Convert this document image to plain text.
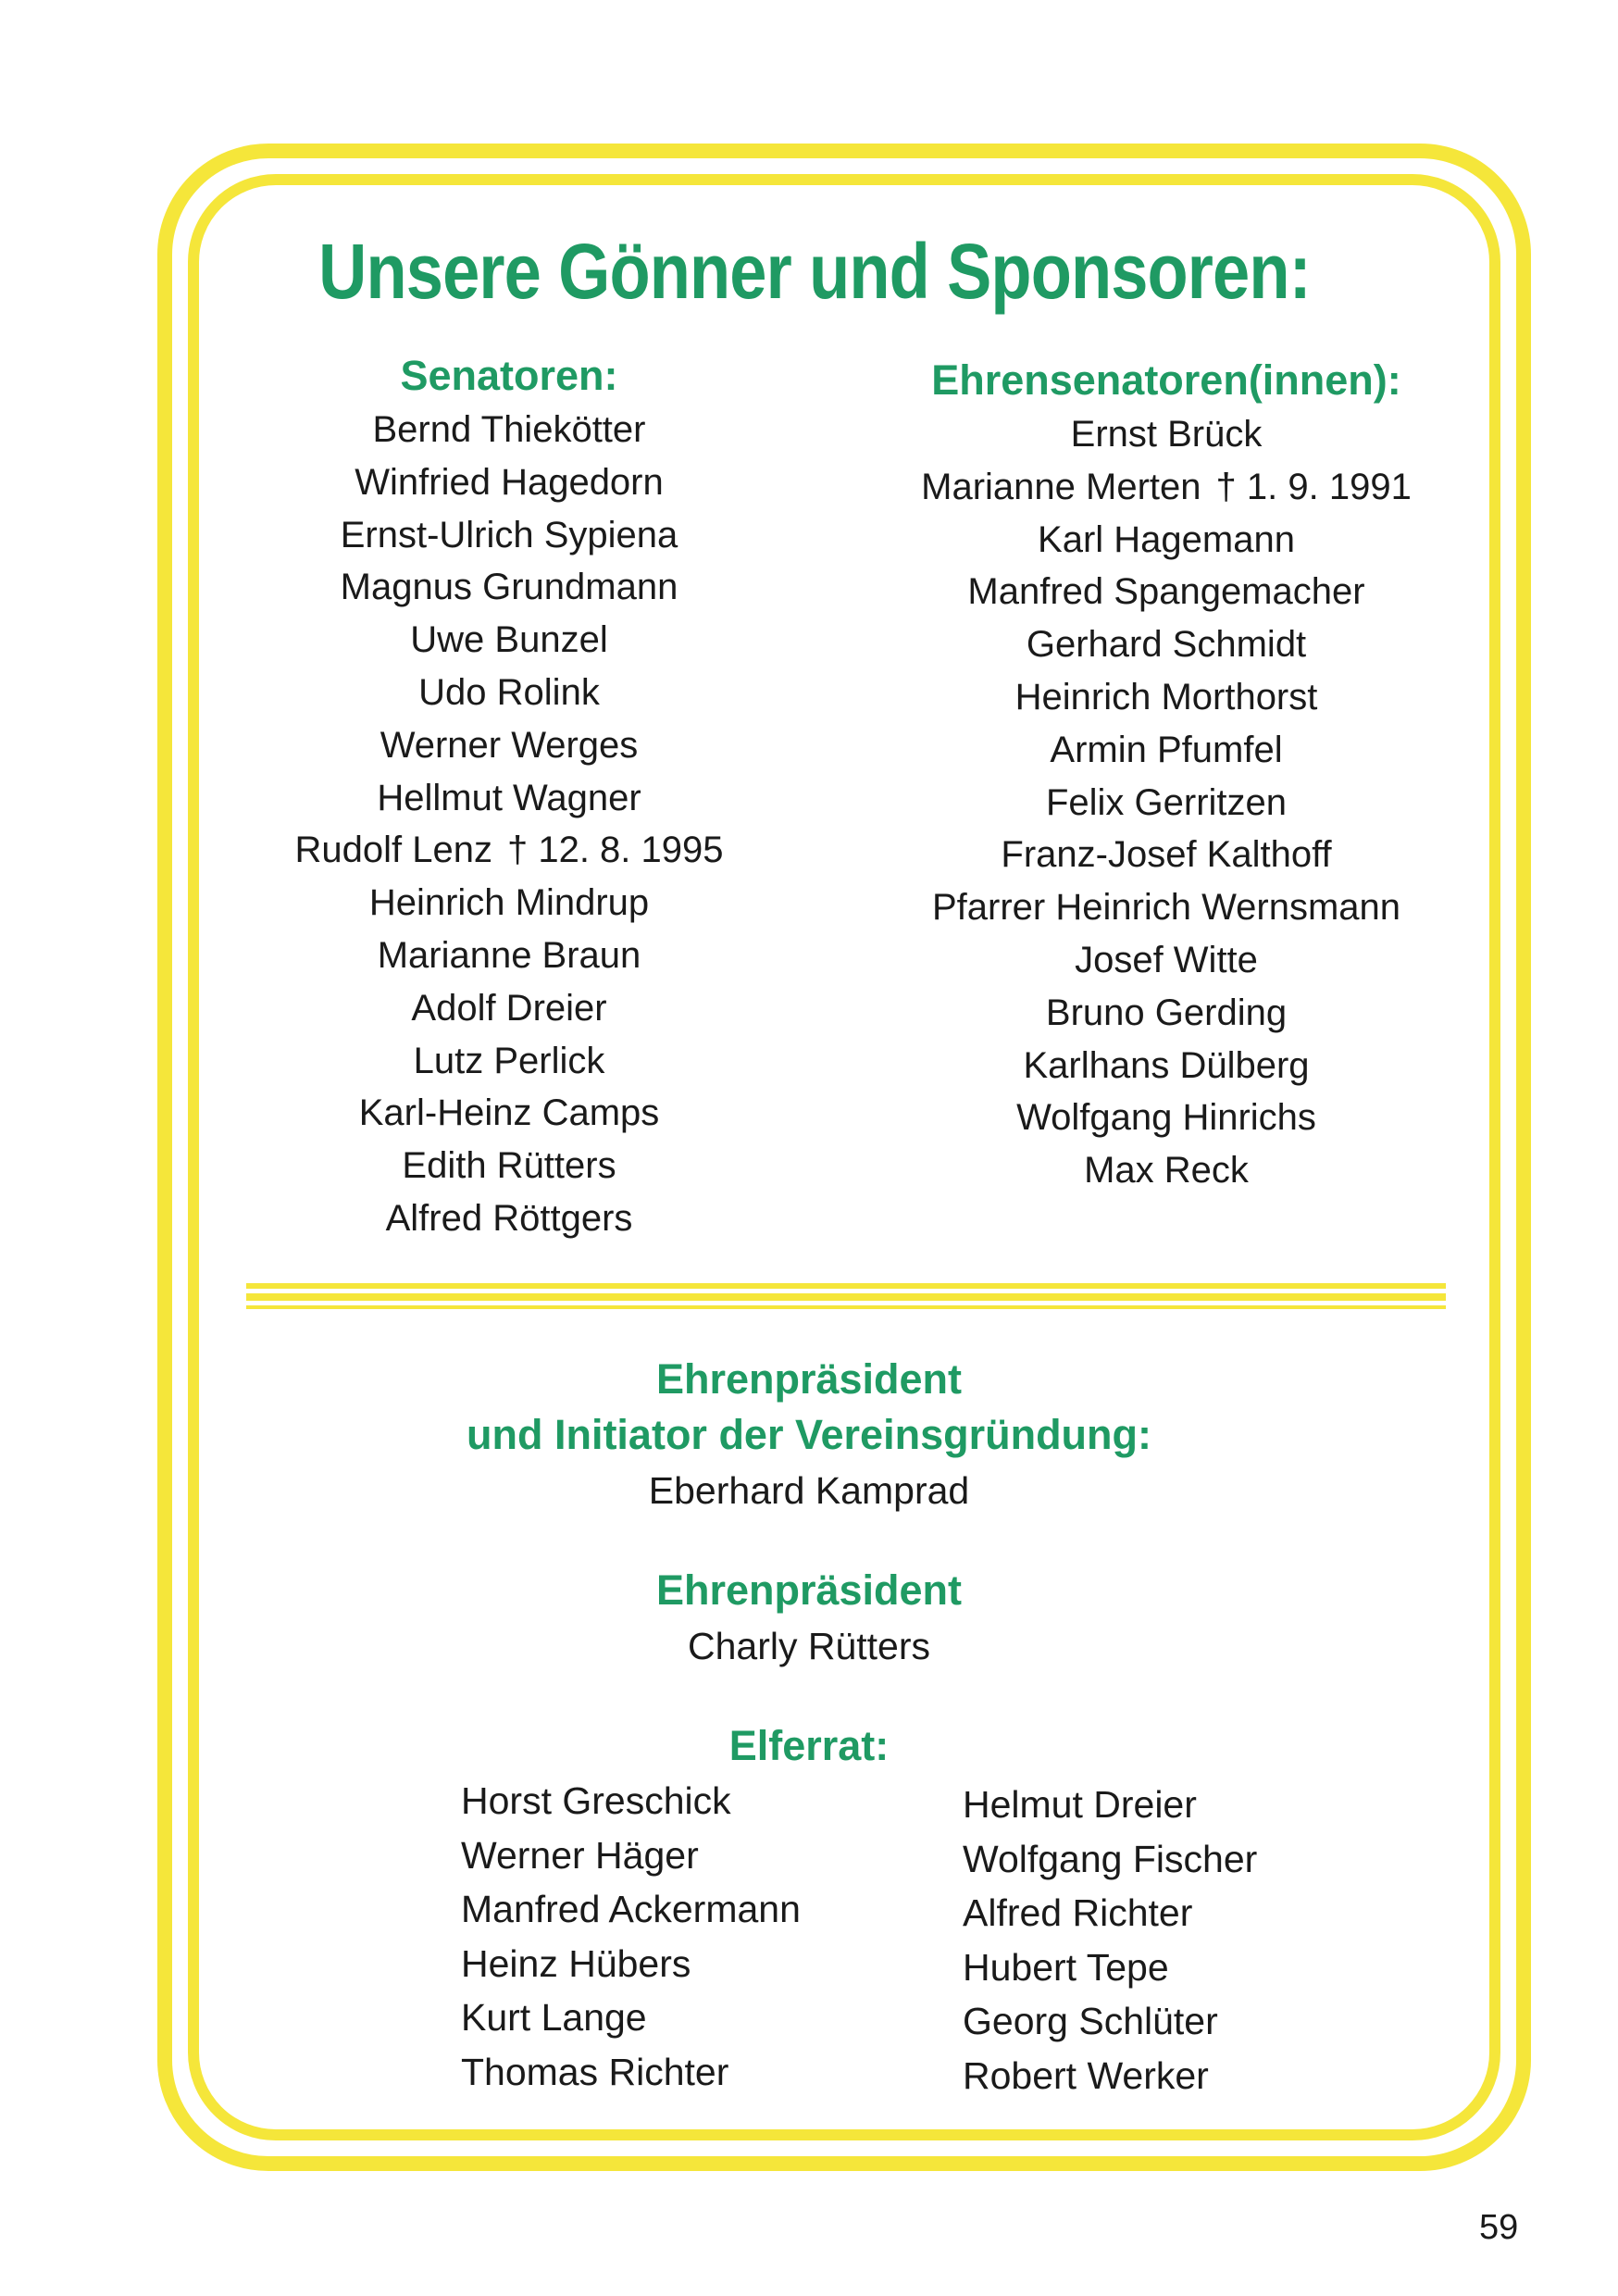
Unsere Gönner und Sponsoren:
Senatoren:
Bernd Thiekötter
Winfried Hagedorn
Ernst-Ulrich Sypiena
Magnus Grundmann
Uwe Bunzel
Udo Rolink
Werner Werges
Hellmut Wagner
Rudolf Lenz † 12. 8. 1995
Heinrich Mindrup
Marianne Braun
Adolf Dreier
Lutz Perlick
Karl-Heinz Camps
Edith Rütters
Alfred Röttgers
Ehrensenatoren(innen):
Ernst Brück
Marianne Merten † 1. 9. 1991
Karl Hagemann
Manfred Spangemacher
Gerhard Schmidt
Heinrich Morthorst
Armin Pfumfel
Felix Gerritzen
Franz-Josef Kalthoff
Pfarrer Heinrich Wernsmann
Josef Witte
Bruno Gerding
Karlhans Dülberg
Wolfgang Hinrichs
Max Reck
Ehrenpräsident
und Initiator der Vereinsgründung:
Eberhard Kamprad
Ehrenpräsident
Charly Rütters
Elferrat:
Horst Greschick
Werner Häger
Manfred Ackermann
Heinz Hübers
Kurt Lange
Thomas Richter
Helmut Dreier
Wolfgang Fischer
Alfred Richter
Hubert Tepe
Georg Schlüter
Robert Werker
59
